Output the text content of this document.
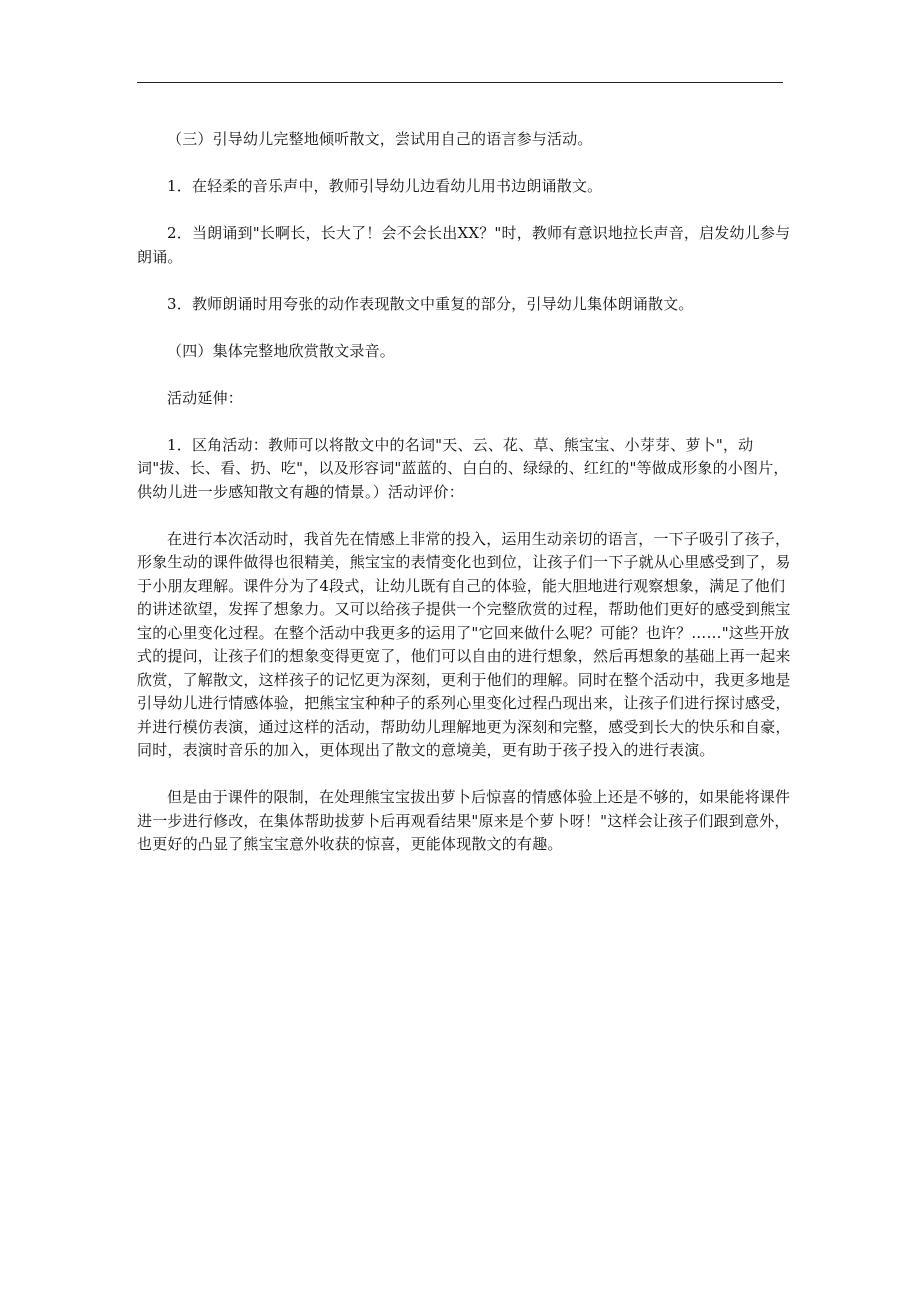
（三）引导幼儿完整地倾听散文，尝试用自己的语言参与活动。

1．在轻柔的音乐声中，教师引导幼儿边看幼儿用书边朗诵散文。

2．当朗诵到"长啊长，长大了！会不会长出XX？"时，教师有意识地拉长声音，启发幼儿参与朗诵。

3．教师朗诵时用夸张的动作表现散文中重复的部分，引导幼儿集体朗诵散文。

（四）集体完整地欣赏散文录音。

活动延伸：

1．区角活动：教师可以将散文中的名词"天、云、花、草、熊宝宝、小芽芽、萝卜"，动词"拔、长、看、扔、吃"，以及形容词"蓝蓝的、白白的、绿绿的、红红的"等做成形象的小图片，供幼儿进一步感知散文有趣的情景。）活动评价：

在进行本次活动时，我首先在情感上非常的投入，运用生动亲切的语言，一下子吸引了孩子，形象生动的课件做得也很精美，熊宝宝的表情变化也到位，让孩子们一下子就从心里感受到了，易于小朋友理解。课件分为了4段式，让幼儿既有自己的体验，能大胆地进行观察想象，满足了他们的讲述欲望，发挥了想象力。又可以给孩子提供一个完整欣赏的过程，帮助他们更好的感受到熊宝宝的心里变化过程。在整个活动中我更多的运用了"它回来做什么呢？可能？也许？……"这些开放式的提问，让孩子们的想象变得更宽了，他们可以自由的进行想象，然后再想象的基础上再一起来欣赏，了解散文，这样孩子的记忆更为深刻，更利于他们的理解。同时在整个活动中，我更多地是引导幼儿进行情感体验，把熊宝宝种种子的系列心里变化过程凸现出来，让孩子们进行探讨感受，并进行模仿表演，通过这样的活动，帮助幼儿理解地更为深刻和完整，感受到长大的快乐和自豪，同时，表演时音乐的加入，更体现出了散文的意境美，更有助于孩子投入的进行表演。

但是由于课件的限制，在处理熊宝宝拔出萝卜后惊喜的情感体验上还是不够的，如果能将课件进一步进行修改，在集体帮助拔萝卜后再观看结果"原来是个萝卜呀！"这样会让孩子们跟到意外，也更好的凸显了熊宝宝意外收获的惊喜，更能体现散文的有趣。
